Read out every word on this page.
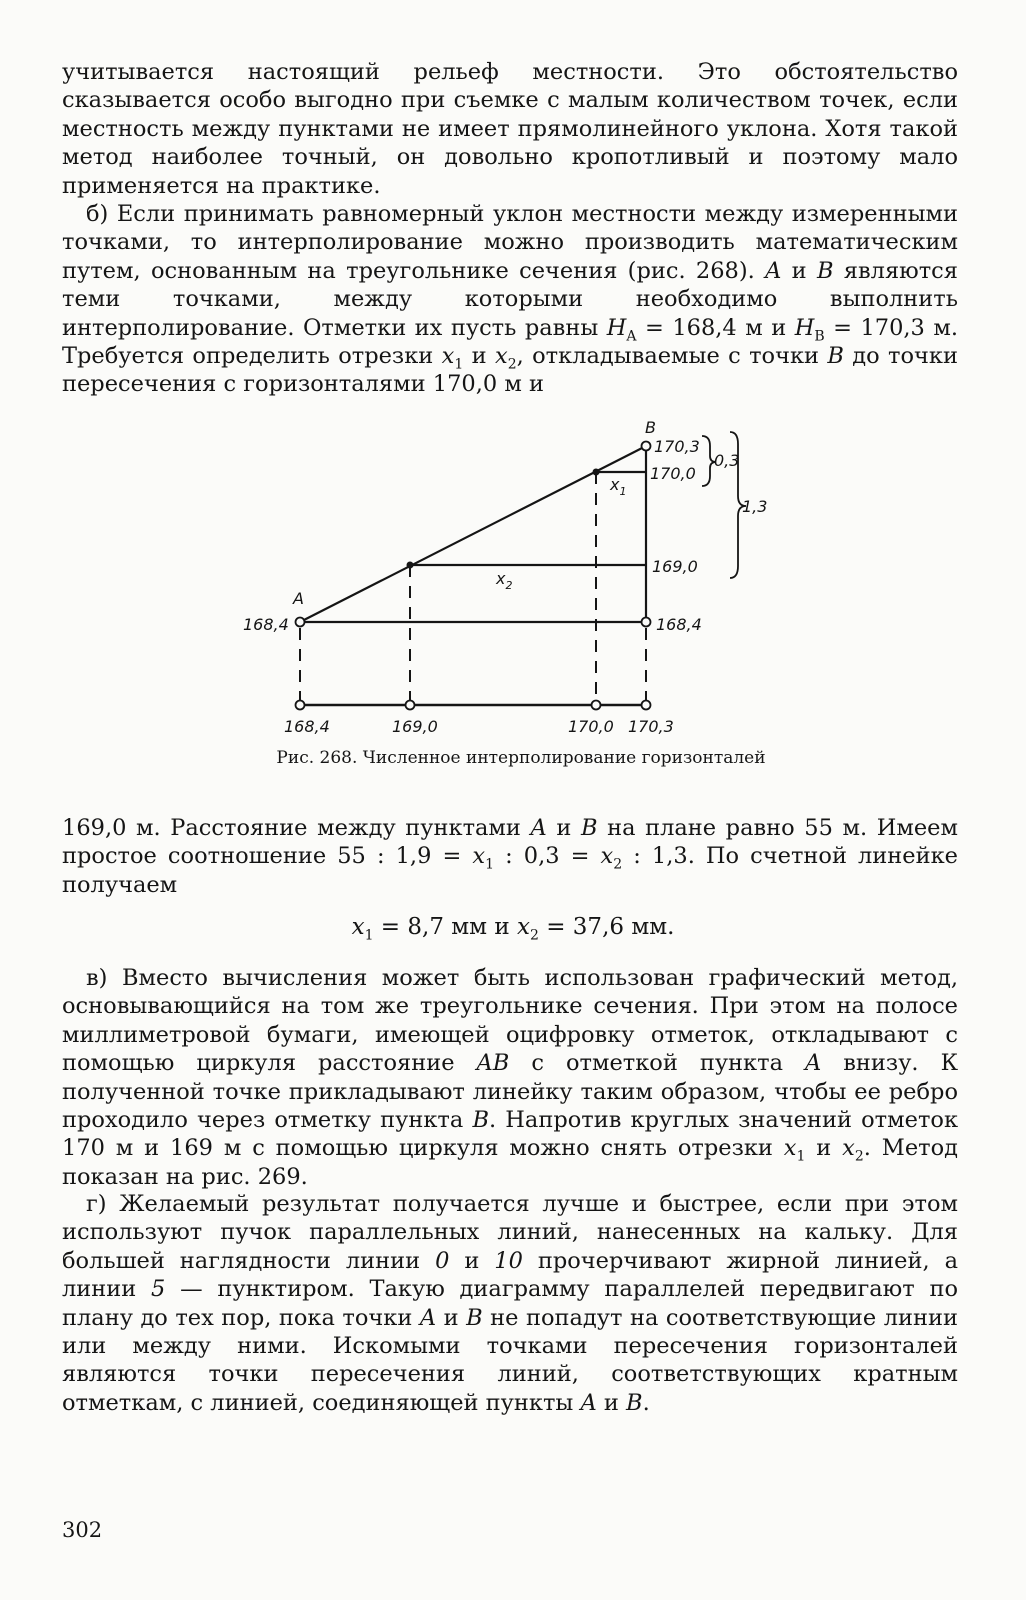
учитывается настоящий рельеф местности. Это обстоятельство сказывается особо выгодно при съемке с малым количеством точек, если местность между пунктами не имеет прямолинейного уклона. Хотя такой метод наиболее точный, он довольно кропотливый и поэтому мало применяется на практике.

б) Если принимать равномерный уклон местности между измеренными точками, то интерполирование можно производить математическим путем, основанным на треугольнике сечения (рис. 268). A и B являются теми точками, между которыми необходимо выполнить интерполирование. Отметки их пусть равны $H_A = 168,4$ м и $H_B = 170,3$ м. Требуется определить отрезки $x_1$ и $x_2$, откладываемые с точки B до точки пересечения с горизонталями 170,0 м и

B
170,3
170,0
0,3
1,3
169,0
A
168,4	168,4
$x_1$
$x_2$
168,4	169,0	170,0 170,3
Рис. 268. Численное интерполирование горизонталей

169,0 м. Расстояние между пунктами A и B на плане равно 55 м. Имеем простое соотношение 55 : $1,9 = x_1$ : $0,3 = x_2$ : 1,3. По счетной линейке получаем

$x_1 = 8,7$ мм и $x_2 = 37,6$ мм.

в) Вместо вычисления может быть использован графический метод, основывающийся на том же треугольнике сечения. При этом на полосе миллиметровой бумаги, имеющей оцифровку отметок, откладывают с помощью циркуля расстояние AB с отметкой пункта A внизу. К полученной точке прикладывают линейку таким образом, чтобы ее ребро проходило через отметку пункта B. Напротив круглых значений отметок 170 м и 169 м с помощью циркуля можно снять отрезки $x_1$ и $x_2$. Метод показан на рис. 269.

г) Желаемый результат получается лучше и быстрее, если при этом используют пучок параллельных линий, нанесенных на кальку. Для большей наглядности линии 0 и 10 прочерчивают жирной линией, а линии 5 — пунктиром. Такую диаграмму параллелей передвигают по плану до тех пор, пока точки A и B не попадут на соответствующие линии или между ними. Искомыми точками пересечения горизонталей являются точки пересечения линий, соответствующих кратным отметкам, с линией, соединяющей пункты A и B.

302
